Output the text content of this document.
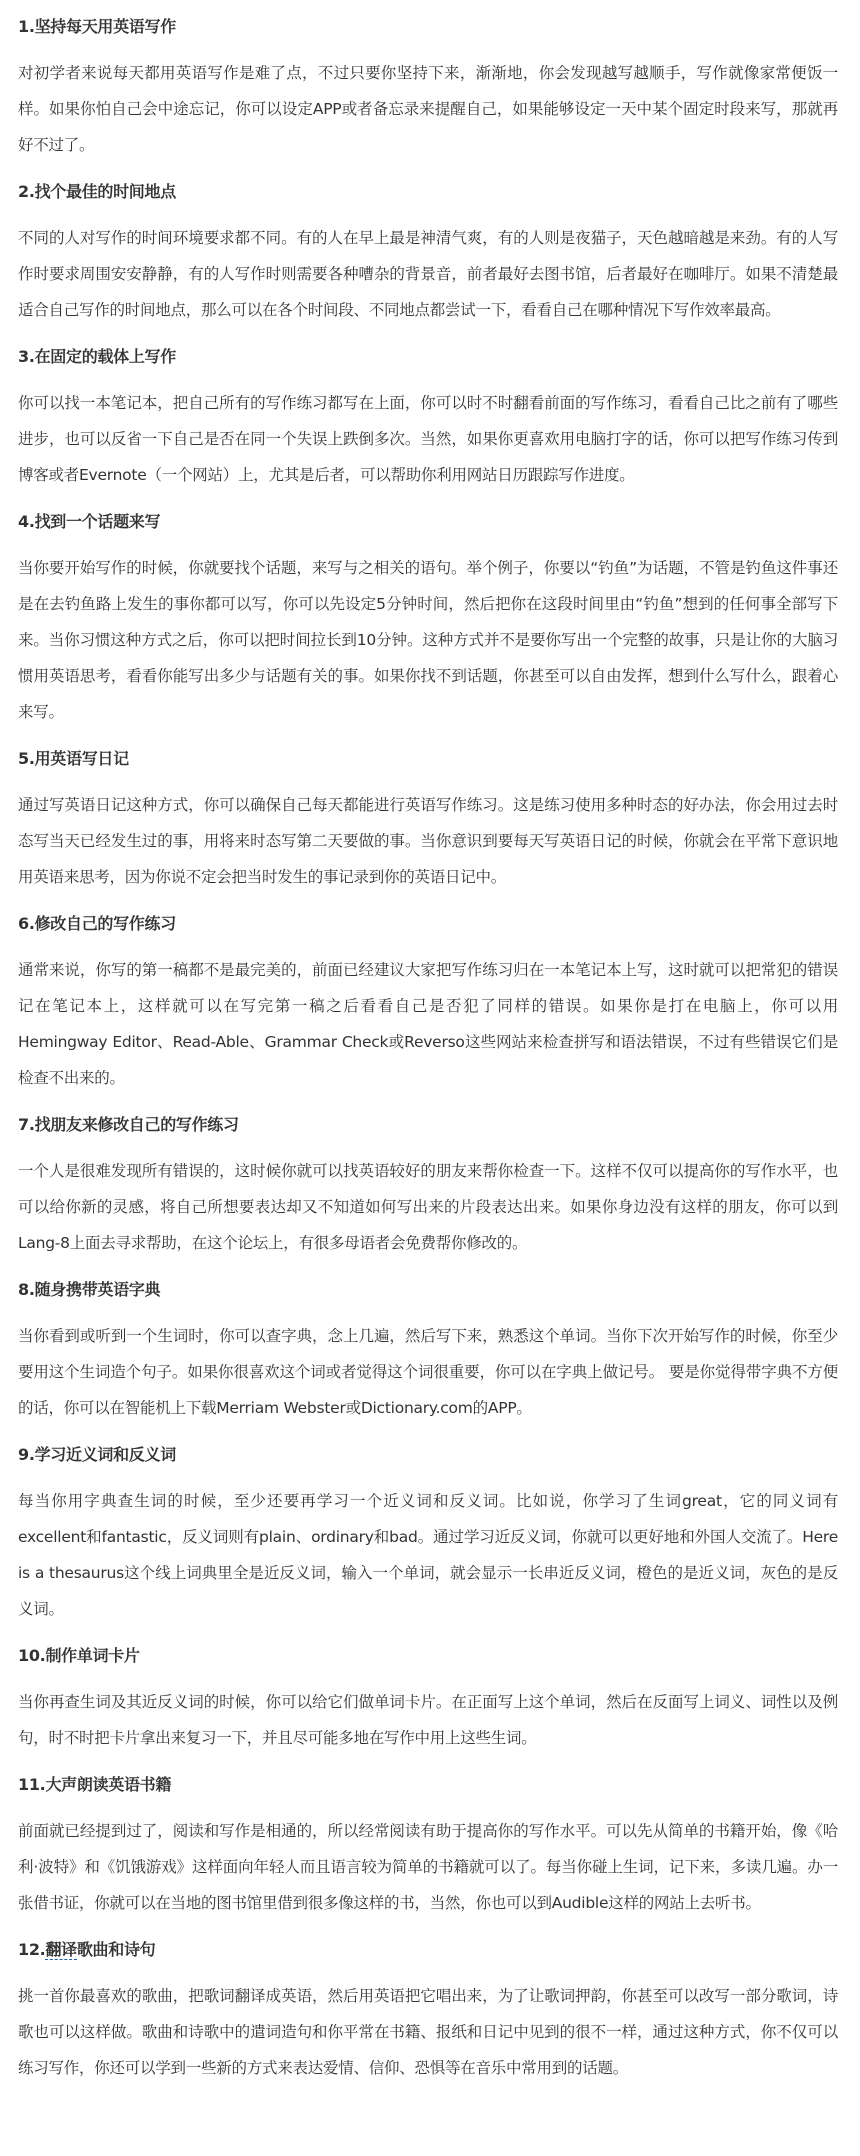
1.坚持每天用英语写作

对初学者来说每天都用英语写作是难了点，不过只要你坚持下来，渐渐地，你会发现越写越顺手，写作就像家常便饭一样。如果你怕自己会中途忘记，你可以设定APP或者备忘录来提醒自己，如果能够设定一天中某个固定时段来写，那就再好不过了。

2.找个最佳的时间地点

不同的人对写作的时间环境要求都不同。有的人在早上最是神清气爽，有的人则是夜猫子，天色越暗越是来劲。有的人写作时要求周围安安静静，有的人写作时则需要各种嘈杂的背景音，前者最好去图书馆，后者最好在咖啡厅。如果不清楚最适合自己写作的时间地点，那么可以在各个时间段、不同地点都尝试一下，看看自己在哪种情况下写作效率最高。

3.在固定的载体上写作

你可以找一本笔记本，把自己所有的写作练习都写在上面，你可以时不时翻看前面的写作练习，看看自己比之前有了哪些进步，也可以反省一下自己是否在同一个失误上跌倒多次。当然，如果你更喜欢用电脑打字的话，你可以把写作练习传到博客或者Evernote（一个网站）上，尤其是后者，可以帮助你利用网站日历跟踪写作进度。

4.找到一个话题来写

当你要开始写作的时候，你就要找个话题，来写与之相关的语句。举个例子，你要以“钓鱼”为话题，不管是钓鱼这件事还是在去钓鱼路上发生的事你都可以写，你可以先设定5分钟时间，然后把你在这段时间里由“钓鱼”想到的任何事全部写下来。当你习惯这种方式之后，你可以把时间拉长到10分钟。这种方式并不是要你写出一个完整的故事，只是让你的大脑习惯用英语思考，看看你能写出多少与话题有关的事。如果你找不到话题，你甚至可以自由发挥，想到什么写什么，跟着心来写。

5.用英语写日记

通过写英语日记这种方式，你可以确保自己每天都能进行英语写作练习。这是练习使用多种时态的好办法，你会用过去时态写当天已经发生过的事，用将来时态写第二天要做的事。当你意识到要每天写英语日记的时候，你就会在平常下意识地用英语来思考，因为你说不定会把当时发生的事记录到你的英语日记中。

6.修改自己的写作练习

通常来说，你写的第一稿都不是最完美的，前面已经建议大家把写作练习归在一本笔记本上写，这时就可以把常犯的错误记在笔记本上，这样就可以在写完第一稿之后看看自己是否犯了同样的错误。如果你是打在电脑上，你可以用Hemingway Editor、Read-Able、Grammar Check或Reverso这些网站来检查拼写和语法错误，不过有些错误它们是检查不出来的。

7.找朋友来修改自己的写作练习

一个人是很难发现所有错误的，这时候你就可以找英语较好的朋友来帮你检查一下。这样不仅可以提高你的写作水平，也可以给你新的灵感，将自己所想要表达却又不知道如何写出来的片段表达出来。如果你身边没有这样的朋友，你可以到Lang-8上面去寻求帮助，在这个论坛上，有很多母语者会免费帮你修改的。

8.随身携带英语字典

当你看到或听到一个生词时，你可以查字典，念上几遍，然后写下来，熟悉这个单词。当你下次开始写作的时候，你至少要用这个生词造个句子。如果你很喜欢这个词或者觉得这个词很重要，你可以在字典上做记号。 要是你觉得带字典不方便的话，你可以在智能机上下载Merriam Webster或Dictionary.com的APP。

9.学习近义词和反义词

每当你用字典查生词的时候，至少还要再学习一个近义词和反义词。比如说，你学习了生词great，它的同义词有excellent和fantastic，反义词则有plain、ordinary和bad。通过学习近反义词，你就可以更好地和外国人交流了。Here is a thesaurus这个线上词典里全是近反义词，输入一个单词，就会显示一长串近反义词，橙色的是近义词，灰色的是反义词。

10.制作单词卡片

当你再查生词及其近反义词的时候，你可以给它们做单词卡片。在正面写上这个单词，然后在反面写上词义、词性以及例句，时不时把卡片拿出来复习一下，并且尽可能多地在写作中用上这些生词。

11.大声朗读英语书籍

前面就已经提到过了，阅读和写作是相通的，所以经常阅读有助于提高你的写作水平。可以先从简单的书籍开始，像《哈利·波特》和《饥饿游戏》这样面向年轻人而且语言较为简单的书籍就可以了。每当你碰上生词，记下来，多读几遍。办一张借书证，你就可以在当地的图书馆里借到很多像这样的书，当然，你也可以到Audible这样的网站上去听书。

12.翻译歌曲和诗句

挑一首你最喜欢的歌曲，把歌词翻译成英语，然后用英语把它唱出来，为了让歌词押韵，你甚至可以改写一部分歌词，诗歌也可以这样做。歌曲和诗歌中的遣词造句和你平常在书籍、报纸和日记中见到的很不一样，通过这种方式，你不仅可以练习写作，你还可以学到一些新的方式来表达爱情、信仰、恐惧等在音乐中常用到的话题。
